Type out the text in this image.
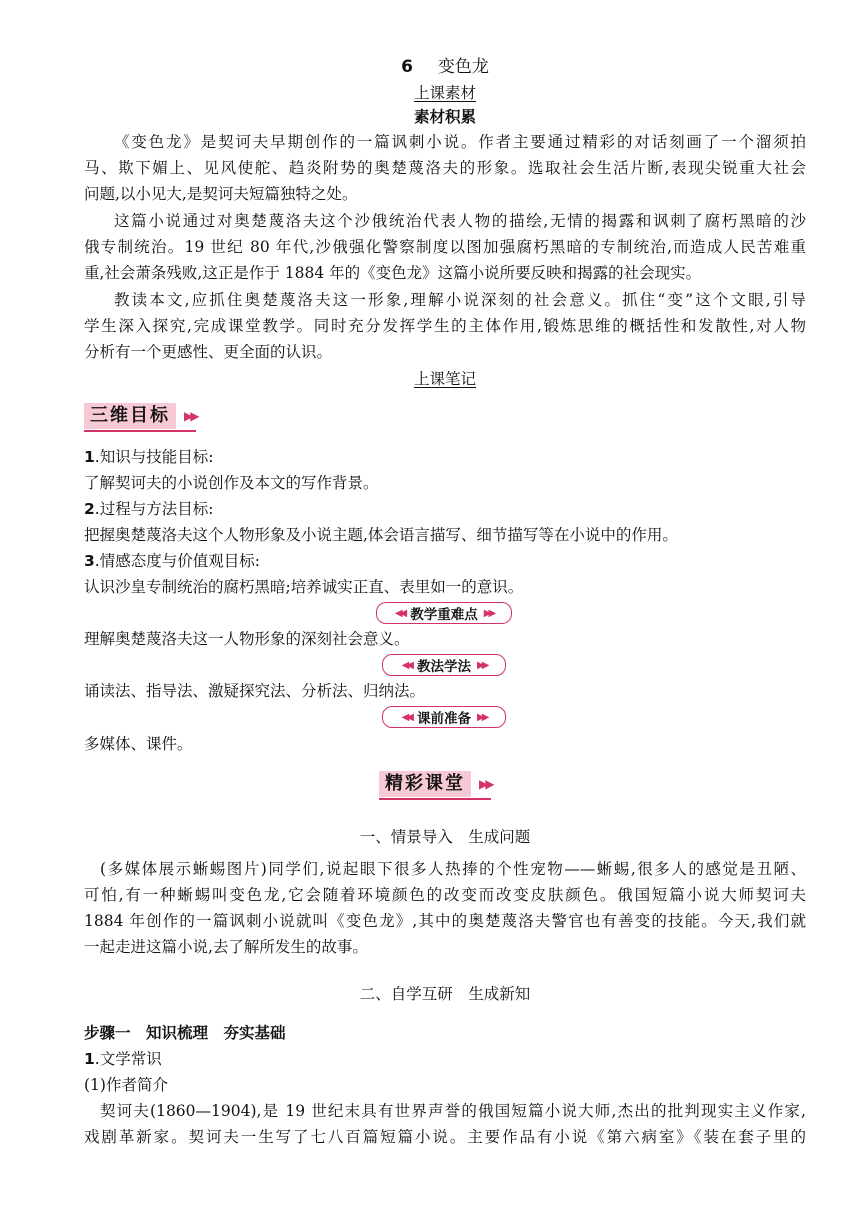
6 变色龙
上课素材
素材积累
《变色龙》是契诃夫早期创作的一篇讽刺小说。作者主要通过精彩的对话刻画了一个溜须拍
马、欺下媚上、见风使舵、趋炎附势的奥楚蔑洛夫的形象。选取社会生活片断,表现尖锐重大社会
问题,以小见大,是契诃夫短篇独特之处。
这篇小说通过对奥楚蔑洛夫这个沙俄统治代表人物的描绘,无情的揭露和讽刺了腐朽黑暗的沙
俄专制统治。19 世纪 80 年代,沙俄强化警察制度以图加强腐朽黑暗的专制统治,而造成人民苦难重
重,社会萧条残败,这正是作于 1884 年的《变色龙》这篇小说所要反映和揭露的社会现实。
教读本文,应抓住奥楚蔑洛夫这一形象,理解小说深刻的社会意义。抓住“变”这个文眼,引导
学生深入探究,完成课堂教学。同时充分发挥学生的主体作用,锻炼思维的概括性和发散性,对人物
分析有一个更感性、更全面的认识。
上课笔记
三维目标	▶▶
1.知识与技能目标:
了解契诃夫的小说创作及本文的写作背景。
2.过程与方法目标:
把握奥楚蔑洛夫这个人物形象及小说主题,体会语言描写、细节描写等在小说中的作用。
3.情感态度与价值观目标:
认识沙皇专制统治的腐朽黑暗;培养诚实正直、表里如一的意识。
◀◀ 教学重难点 ▶▶
理解奥楚蔑洛夫这一人物形象的深刻社会意义。
◀◀ 教法学法 ▶▶
诵读法、指导法、激疑探究法、分析法、归纳法。
◀◀ 课前准备 ▶▶
多媒体、课件。
精彩课堂	▶▶
一、情景导入　生成问题
(多媒体展示蜥蜴图片)同学们,说起眼下很多人热捧的个性宠物——蜥蜴,很多人的感觉是丑陋、
可怕,有一种蜥蜴叫变色龙,它会随着环境颜色的改变而改变皮肤颜色。俄国短篇小说大师契诃夫
1884 年创作的一篇讽刺小说就叫《变色龙》,其中的奥楚蔑洛夫警官也有善变的技能。今天,我们就
一起走进这篇小说,去了解所发生的故事。
二、自学互研　生成新知
步骤一　知识梳理　夯实基础
1.文学常识
(1)作者简介
契诃夫(1860—1904),是 19 世纪末具有世界声誉的俄国短篇小说大师,杰出的批判现实主义作家,
戏剧革新家。契诃夫一生写了七八百篇短篇小说。主要作品有小说《第六病室》《装在套子里的
